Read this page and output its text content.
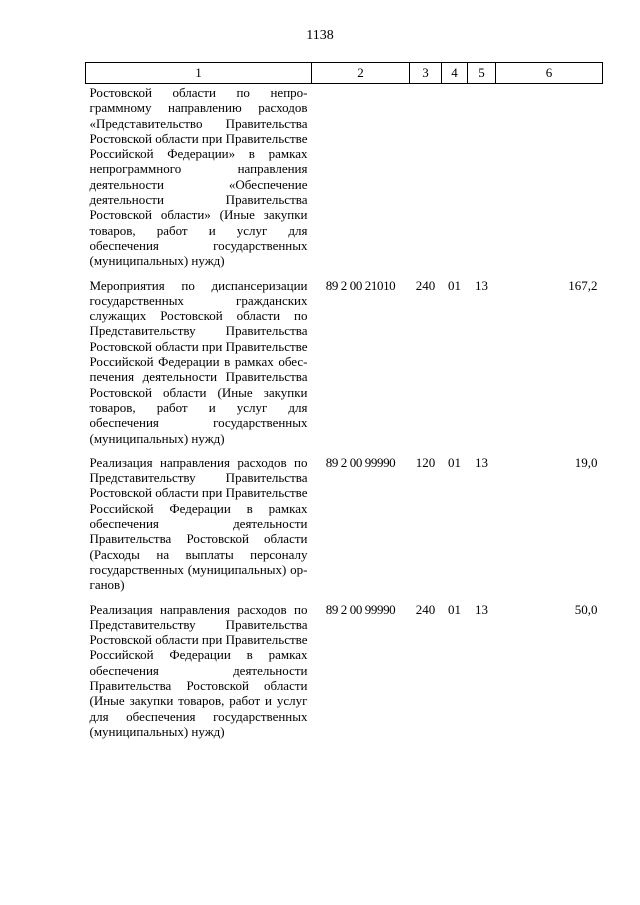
1138
1	2	3	4	5	6
Ростовской области по непрограммному направлению расходов «Представительство Правительства Ростовской области при Правительстве Российской Федерации» в рамках непрограммного направления деятельности «Обеспечение деятельности Правительства Ростовской области» (Иные закупки товаров, работ и услуг для обеспечения государственных (муниципальных) нужд)					
Мероприятия по диспансеризации государственных гражданских служащих Ростовской области по Представительству Правительства Ростовской области при Правительстве Российской Федерации в рамках обеспечения деятельности Правительства Ростовской области (Иные закупки товаров, работ и услуг для обеспечения государственных (муниципальных) нужд)	89 2 00 21010	240	01	13	167,2
Реализация направления расходов по Представительству Правительства Ростовской области при Правительстве Российской Федерации в рамках обеспечения деятельности Правительства Ростовской области (Расходы на выплаты персоналу государственных (муниципальных) органов)	89 2 00 99990	120	01	13	19,0
Реализация направления расходов по Представительству Правительства Ростовской области при Правительстве Российской Федерации в рамках обеспечения деятельности Правительства Ростовской области (Иные закупки товаров, работ и услуг для обеспечения государственных (муниципальных) нужд)	89 2 00 99990	240	01	13	50,0
